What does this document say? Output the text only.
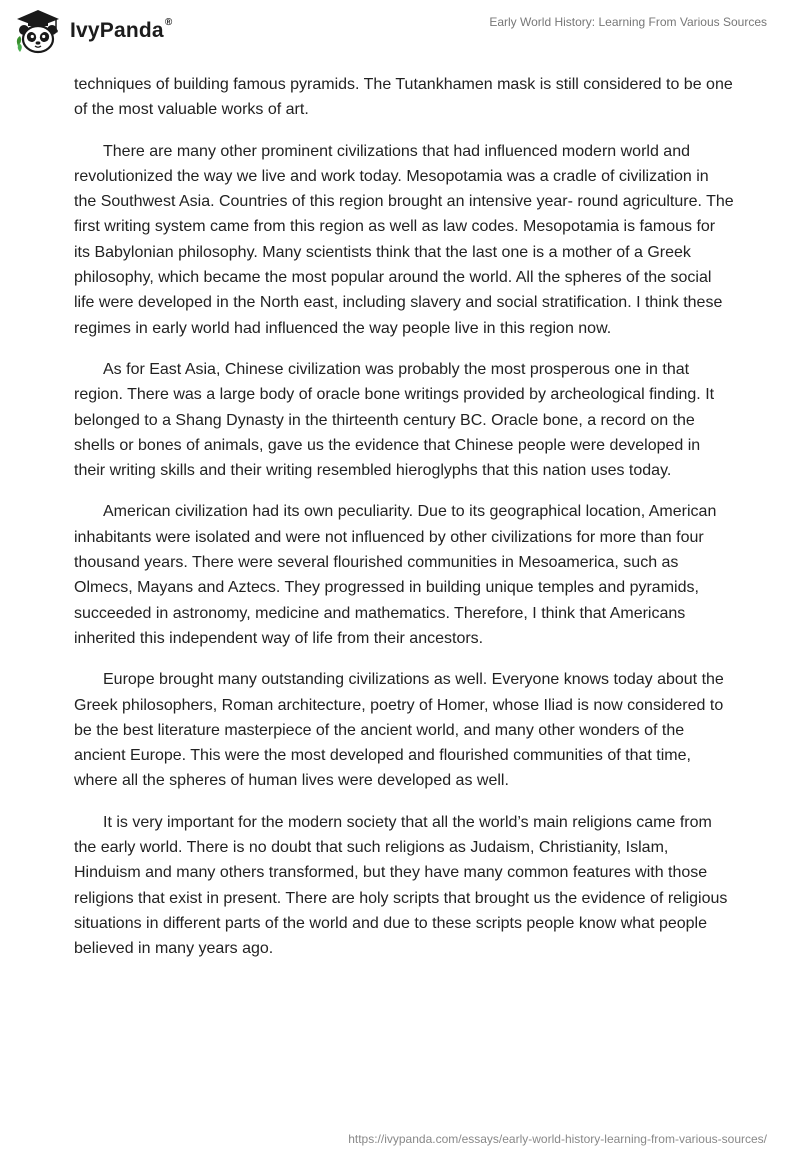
IvyPanda®	Early World History: Learning From Various Sources

techniques of building famous pyramids. The Tutankhamen mask is still considered to be one of the most valuable works of art.

There are many other prominent civilizations that had influenced modern world and revolutionized the way we live and work today. Mesopotamia was a cradle of civilization in the Southwest Asia. Countries of this region brought an intensive year- round agriculture. The first writing system came from this region as well as law codes. Mesopotamia is famous for its Babylonian philosophy. Many scientists think that the last one is a mother of a Greek philosophy, which became the most popular around the world. All the spheres of the social life were developed in the North east, including slavery and social stratification. I think these regimes in early world had influenced the way people live in this region now.

As for East Asia, Chinese civilization was probably the most prosperous one in that region. There was a large body of oracle bone writings provided by archeological finding. It belonged to a Shang Dynasty in the thirteenth century BC. Oracle bone, a record on the shells or bones of animals, gave us the evidence that Chinese people were developed in their writing skills and their writing resembled hieroglyphs that this nation uses today.

American civilization had its own peculiarity. Due to its geographical location, American inhabitants were isolated and were not influenced by other civilizations for more than four thousand years. There were several flourished communities in Mesoamerica, such as Olmecs, Mayans and Aztecs. They progressed in building unique temples and pyramids, succeeded in astronomy, medicine and mathematics. Therefore, I think that Americans inherited this independent way of life from their ancestors.

Europe brought many outstanding civilizations as well. Everyone knows today about the Greek philosophers, Roman architecture, poetry of Homer, whose Iliad is now considered to be the best literature masterpiece of the ancient world, and many other wonders of the ancient Europe. This were the most developed and flourished communities of that time, where all the spheres of human lives were developed as well.

It is very important for the modern society that all the world’s main religions came from the early world. There is no doubt that such religions as Judaism, Christianity, Islam, Hinduism and many others transformed, but they have many common features with those religions that exist in present. There are holy scripts that brought us the evidence of religious situations in different parts of the world and due to these scripts people know what people believed in many years ago.

https://ivypanda.com/essays/early-world-history-learning-from-various-sources/
